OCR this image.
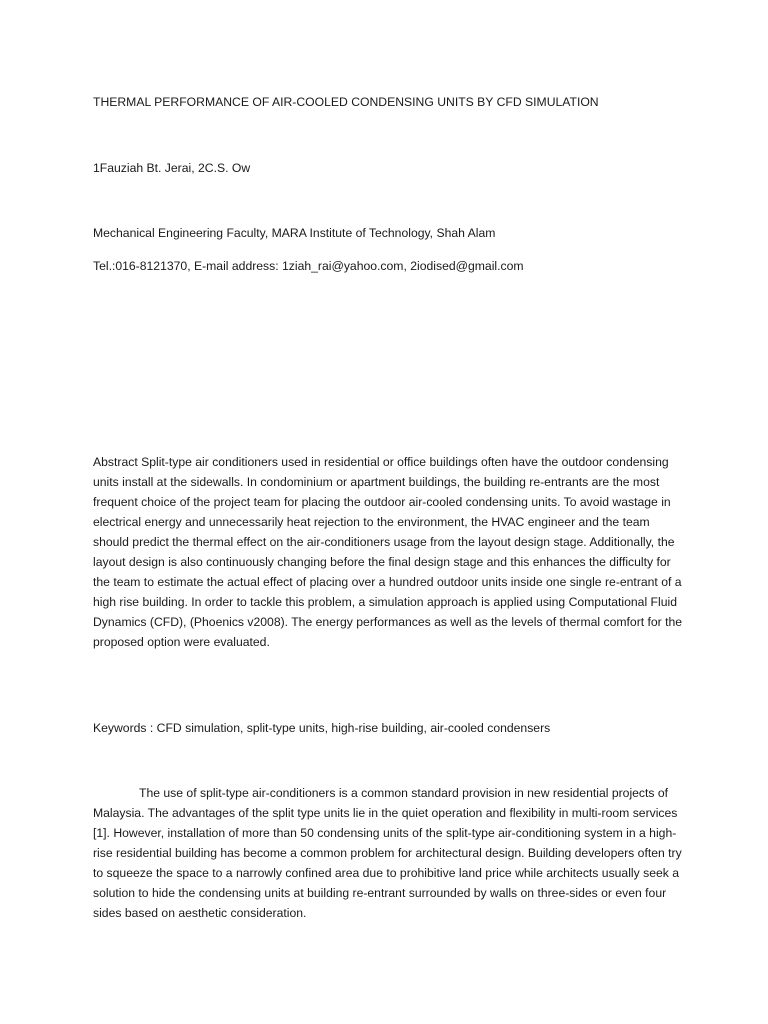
THERMAL PERFORMANCE OF AIR-COOLED CONDENSING UNITS BY CFD SIMULATION

1Fauziah Bt. Jerai, 2C.S. Ow

Mechanical Engineering Faculty, MARA Institute of Technology, Shah Alam

Tel.:016-8121370, E-mail address: 1ziah_rai@yahoo.com, 2iodised@gmail.com

Abstract Split-type air conditioners used in residential or office buildings often have the outdoor condensing units install at the sidewalls. In condominium or apartment buildings, the building re-entrants are the most frequent choice of the project team for placing the outdoor air-cooled condensing units. To avoid wastage in electrical energy and unnecessarily heat rejection to the environment, the HVAC engineer and the team should predict the thermal effect on the air-conditioners usage from the layout design stage. Additionally, the layout design is also continuously changing before the final design stage and this enhances the difficulty for the team to estimate the actual effect of placing over a hundred outdoor units inside one single re-entrant of a high rise building. In order to tackle this problem, a simulation approach is applied using Computational Fluid Dynamics (CFD), (Phoenics v2008). The energy performances as well as the levels of thermal comfort for the proposed option were evaluated.

Keywords : CFD simulation, split-type units, high-rise building, air-cooled condensers

The use of split-type air-conditioners is a common standard provision in new residential projects of Malaysia. The advantages of the split type units lie in the quiet operation and flexibility in multi-room services [1]. However, installation of more than 50 condensing units of the split-type air-conditioning system in a high-rise residential building has become a common problem for architectural design. Building developers often try to squeeze the space to a narrowly confined area due to prohibitive land price while architects usually seek a solution to hide the condensing units at building re-entrant surrounded by walls on three-sides or even four sides based on aesthetic consideration.
